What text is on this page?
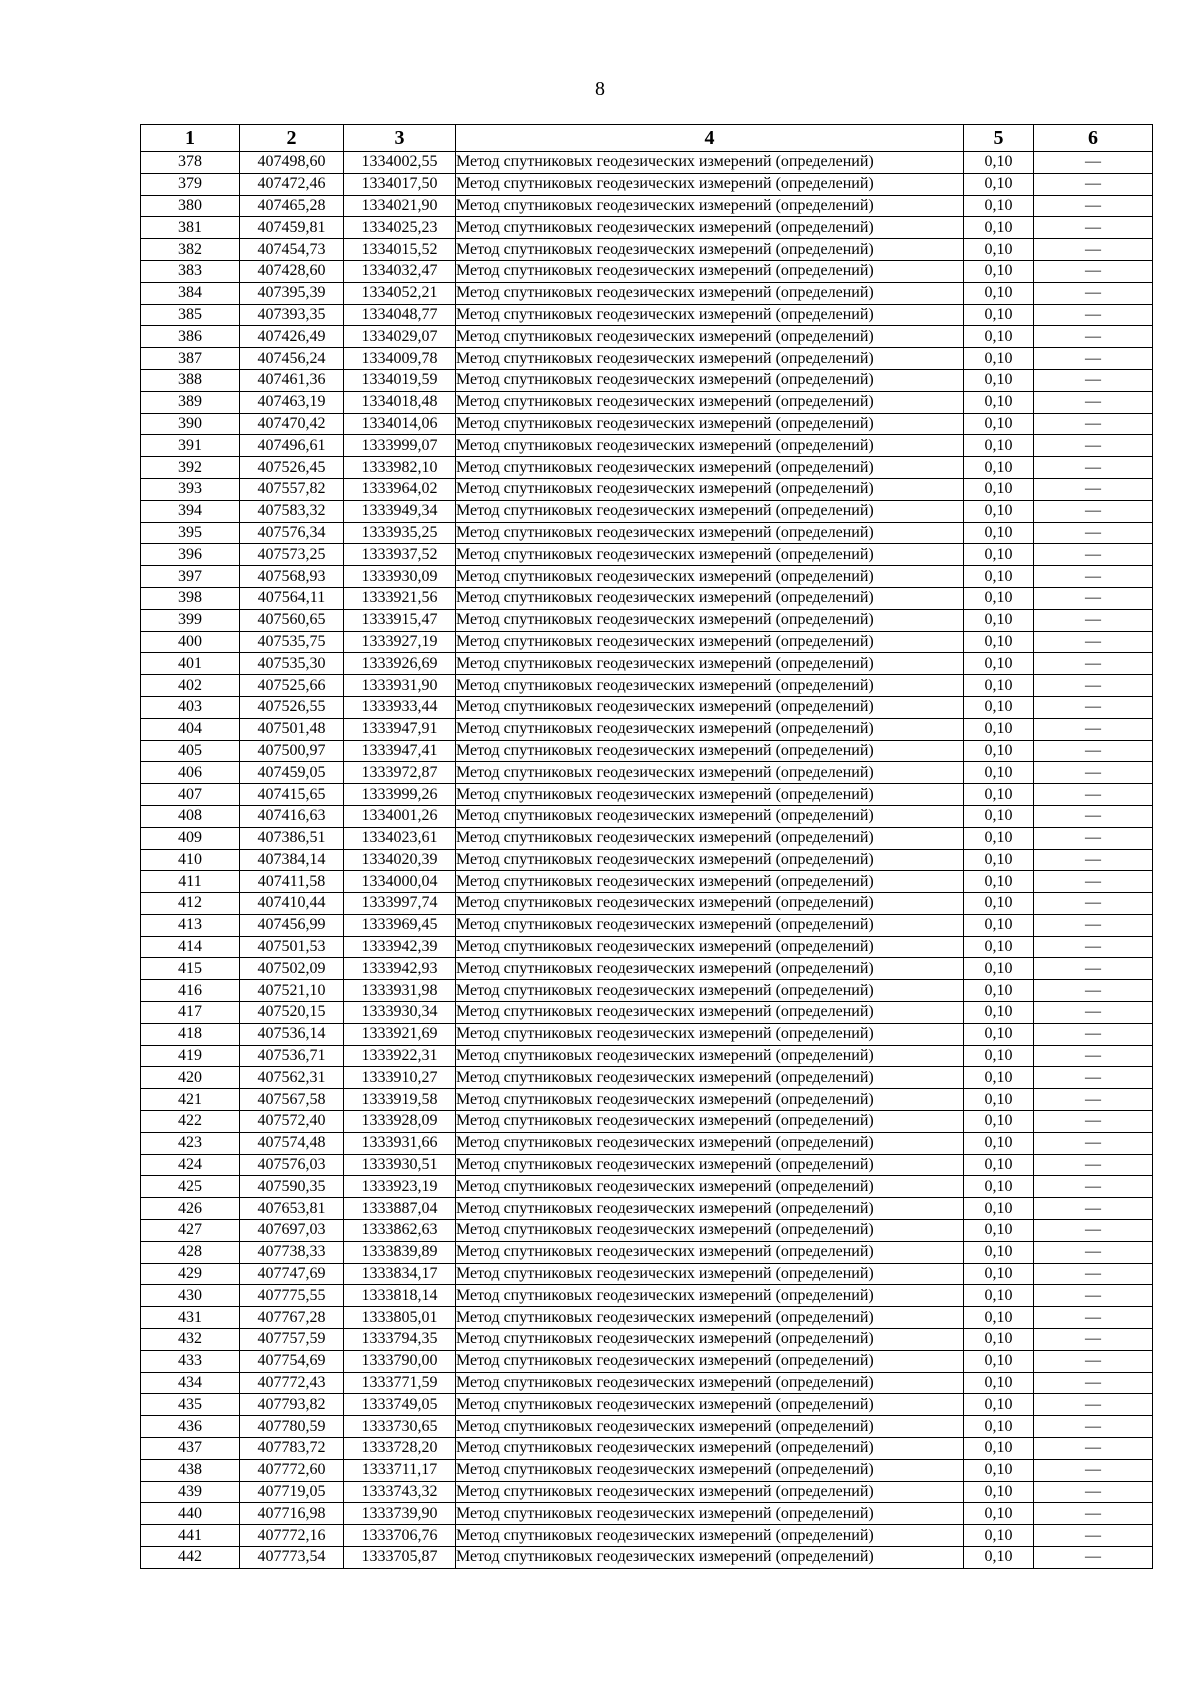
8
1	2	3	4	5	6
378	407498,60	1334002,55	Метод спутниковых геодезических измерений (определений)	0,10	—
379	407472,46	1334017,50	Метод спутниковых геодезических измерений (определений)	0,10	—
380	407465,28	1334021,90	Метод спутниковых геодезических измерений (определений)	0,10	—
381	407459,81	1334025,23	Метод спутниковых геодезических измерений (определений)	0,10	—
382	407454,73	1334015,52	Метод спутниковых геодезических измерений (определений)	0,10	—
383	407428,60	1334032,47	Метод спутниковых геодезических измерений (определений)	0,10	—
384	407395,39	1334052,21	Метод спутниковых геодезических измерений (определений)	0,10	—
385	407393,35	1334048,77	Метод спутниковых геодезических измерений (определений)	0,10	—
386	407426,49	1334029,07	Метод спутниковых геодезических измерений (определений)	0,10	—
387	407456,24	1334009,78	Метод спутниковых геодезических измерений (определений)	0,10	—
388	407461,36	1334019,59	Метод спутниковых геодезических измерений (определений)	0,10	—
389	407463,19	1334018,48	Метод спутниковых геодезических измерений (определений)	0,10	—
390	407470,42	1334014,06	Метод спутниковых геодезических измерений (определений)	0,10	—
391	407496,61	1333999,07	Метод спутниковых геодезических измерений (определений)	0,10	—
392	407526,45	1333982,10	Метод спутниковых геодезических измерений (определений)	0,10	—
393	407557,82	1333964,02	Метод спутниковых геодезических измерений (определений)	0,10	—
394	407583,32	1333949,34	Метод спутниковых геодезических измерений (определений)	0,10	—
395	407576,34	1333935,25	Метод спутниковых геодезических измерений (определений)	0,10	—
396	407573,25	1333937,52	Метод спутниковых геодезических измерений (определений)	0,10	—
397	407568,93	1333930,09	Метод спутниковых геодезических измерений (определений)	0,10	—
398	407564,11	1333921,56	Метод спутниковых геодезических измерений (определений)	0,10	—
399	407560,65	1333915,47	Метод спутниковых геодезических измерений (определений)	0,10	—
400	407535,75	1333927,19	Метод спутниковых геодезических измерений (определений)	0,10	—
401	407535,30	1333926,69	Метод спутниковых геодезических измерений (определений)	0,10	—
402	407525,66	1333931,90	Метод спутниковых геодезических измерений (определений)	0,10	—
403	407526,55	1333933,44	Метод спутниковых геодезических измерений (определений)	0,10	—
404	407501,48	1333947,91	Метод спутниковых геодезических измерений (определений)	0,10	—
405	407500,97	1333947,41	Метод спутниковых геодезических измерений (определений)	0,10	—
406	407459,05	1333972,87	Метод спутниковых геодезических измерений (определений)	0,10	—
407	407415,65	1333999,26	Метод спутниковых геодезических измерений (определений)	0,10	—
408	407416,63	1334001,26	Метод спутниковых геодезических измерений (определений)	0,10	—
409	407386,51	1334023,61	Метод спутниковых геодезических измерений (определений)	0,10	—
410	407384,14	1334020,39	Метод спутниковых геодезических измерений (определений)	0,10	—
411	407411,58	1334000,04	Метод спутниковых геодезических измерений (определений)	0,10	—
412	407410,44	1333997,74	Метод спутниковых геодезических измерений (определений)	0,10	—
413	407456,99	1333969,45	Метод спутниковых геодезических измерений (определений)	0,10	—
414	407501,53	1333942,39	Метод спутниковых геодезических измерений (определений)	0,10	—
415	407502,09	1333942,93	Метод спутниковых геодезических измерений (определений)	0,10	—
416	407521,10	1333931,98	Метод спутниковых геодезических измерений (определений)	0,10	—
417	407520,15	1333930,34	Метод спутниковых геодезических измерений (определений)	0,10	—
418	407536,14	1333921,69	Метод спутниковых геодезических измерений (определений)	0,10	—
419	407536,71	1333922,31	Метод спутниковых геодезических измерений (определений)	0,10	—
420	407562,31	1333910,27	Метод спутниковых геодезических измерений (определений)	0,10	—
421	407567,58	1333919,58	Метод спутниковых геодезических измерений (определений)	0,10	—
422	407572,40	1333928,09	Метод спутниковых геодезических измерений (определений)	0,10	—
423	407574,48	1333931,66	Метод спутниковых геодезических измерений (определений)	0,10	—
424	407576,03	1333930,51	Метод спутниковых геодезических измерений (определений)	0,10	—
425	407590,35	1333923,19	Метод спутниковых геодезических измерений (определений)	0,10	—
426	407653,81	1333887,04	Метод спутниковых геодезических измерений (определений)	0,10	—
427	407697,03	1333862,63	Метод спутниковых геодезических измерений (определений)	0,10	—
428	407738,33	1333839,89	Метод спутниковых геодезических измерений (определений)	0,10	—
429	407747,69	1333834,17	Метод спутниковых геодезических измерений (определений)	0,10	—
430	407775,55	1333818,14	Метод спутниковых геодезических измерений (определений)	0,10	—
431	407767,28	1333805,01	Метод спутниковых геодезических измерений (определений)	0,10	—
432	407757,59	1333794,35	Метод спутниковых геодезических измерений (определений)	0,10	—
433	407754,69	1333790,00	Метод спутниковых геодезических измерений (определений)	0,10	—
434	407772,43	1333771,59	Метод спутниковых геодезических измерений (определений)	0,10	—
435	407793,82	1333749,05	Метод спутниковых геодезических измерений (определений)	0,10	—
436	407780,59	1333730,65	Метод спутниковых геодезических измерений (определений)	0,10	—
437	407783,72	1333728,20	Метод спутниковых геодезических измерений (определений)	0,10	—
438	407772,60	1333711,17	Метод спутниковых геодезических измерений (определений)	0,10	—
439	407719,05	1333743,32	Метод спутниковых геодезических измерений (определений)	0,10	—
440	407716,98	1333739,90	Метод спутниковых геодезических измерений (определений)	0,10	—
441	407772,16	1333706,76	Метод спутниковых геодезических измерений (определений)	0,10	—
442	407773,54	1333705,87	Метод спутниковых геодезических измерений (определений)	0,10	—
